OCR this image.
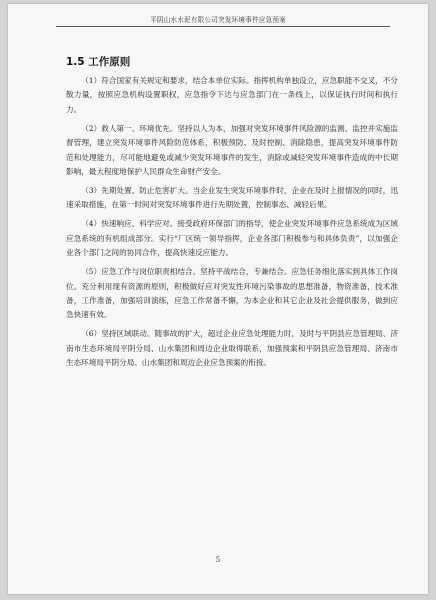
平阴山水水泥有限公司突发环境事件应急预案
1.5 工作原则

（1）符合国家有关规定和要求，结合本单位实际。指挥机构单独设立，应急职能不交叉，不分散力量，按照应急机构设置职权，应急指令下达与应急部门在一条线上，以保证执行时间和执行力。

（2）救人第一、环境优先。坚持以人为本，加强对突发环境事件风险源的监测、监控并实施监督管理，建立突发环境事件风险防范体系，积极预防、及时控制、消除隐患，提高突发环境事件防范和处理能力，尽可能地避免或减少突发环境事件的发生，消除或减轻突发环境事件造成的中长期影响，最大程度地保护人民群众生命财产安全。

（3）先期处置、防止危害扩大。当企业发生突发环境事件时，企业在及时上报情况的同时，迅速采取措施，在第一时间对突发环境事件进行先期处置，控制事态、减轻后果。

（4）快速响应、科学应对。接受政府环保部门的指导，使企业突发环境事件应急系统成为区域应急系统的有机组成部分。实行“厂区统一领导指挥，企业各部门积极参与和具体负责”，以加强企业各个部门之间的协同合作，提高快速反应能力。

（5）应急工作与岗位职责相结合。坚持平战结合，专兼结合。应急任务细化落实到具体工作岗位。充分利用现有资源的原则，积极做好应对突发性环境污染事故的思想准备，物资准备，技术准备，工作准备，加强培训演练，应急工作常备不懈，为本企业和其它企业及社会提供服务，做到应急快速有效。

（6）坚持区域联动。随事故的扩大，超过企业应急处理能力时，及时与平阴县应急管理局、济南市生态环境局平阴分局、山水集团和周边企业取得联系，加强预案和平阴县应急管理局、济南市生态环境局平阴分局、山水集团和周边企业应急预案的衔接。

5
